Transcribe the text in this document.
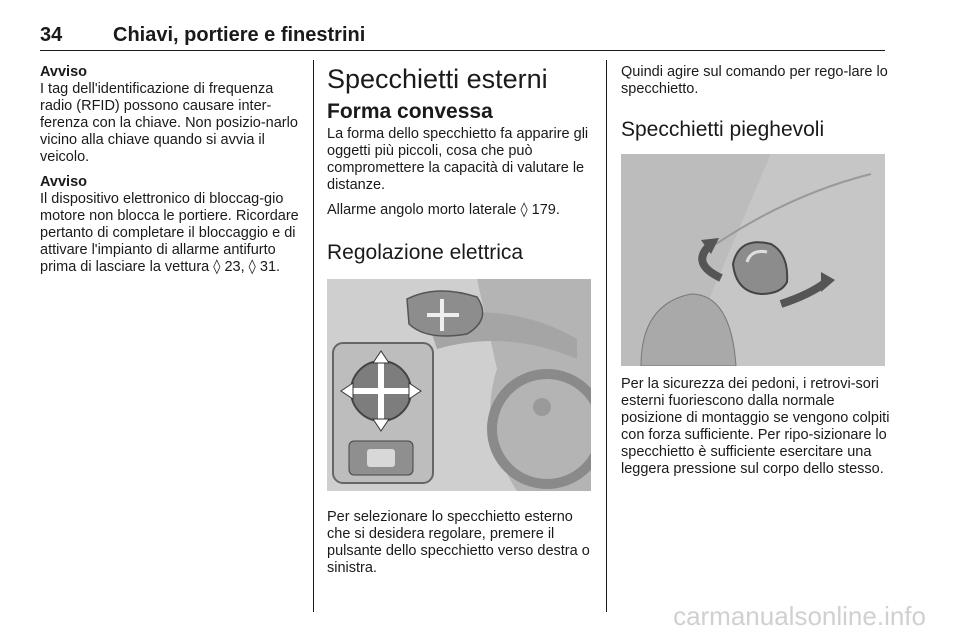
34	Chiavi, portiere e finestrini
Avviso

I tag dell'identificazione di frequenza radio (RFID) possono causare inter-ferenza con la chiave. Non posizio-narlo vicino alla chiave quando si avvia il veicolo.

Avviso

Il dispositivo elettronico di bloccag-gio motore non blocca le portiere. Ricordare pertanto di completare il bloccaggio e di attivare l'impianto di allarme antifurto prima di lasciare la vettura ◊ 23, ◊ 31.

Specchietti esterni
Forma convessa

La forma dello specchietto fa apparire gli oggetti più piccoli, cosa che può compromettere la capacità di valutare le distanze.

Allarme angolo morto laterale ◊ 179.

Regolazione elettrica

Per selezionare lo specchietto esterno che si desidera regolare, premere il pulsante dello specchietto verso destra o sinistra.

Quindi agire sul comando per rego-lare lo specchietto.

Specchietti pieghevoli

Per la sicurezza dei pedoni, i retrovi-sori esterni fuoriescono dalla normale posizione di montaggio se vengono colpiti con forza sufficiente. Per ripo-sizionare lo specchietto è sufficiente esercitare una leggera pressione sul corpo dello stesso.

carmanualsonline.info
